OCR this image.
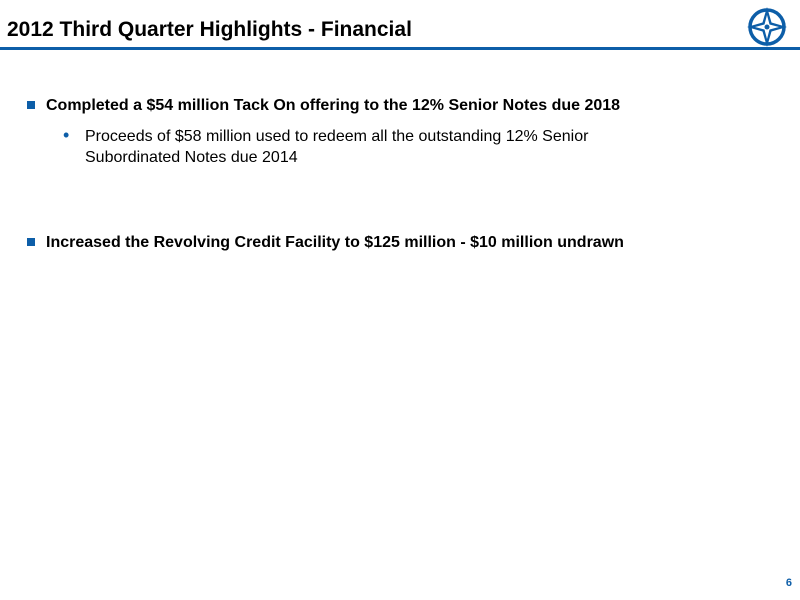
2012 Third Quarter Highlights - Financial
Completed a $54 million Tack On offering to the 12% Senior Notes due 2018
• Proceeds of $58 million used to redeem all the outstanding 12% Senior Subordinated Notes due 2014
Increased the Revolving Credit Facility to $125 million - $10 million undrawn
6
